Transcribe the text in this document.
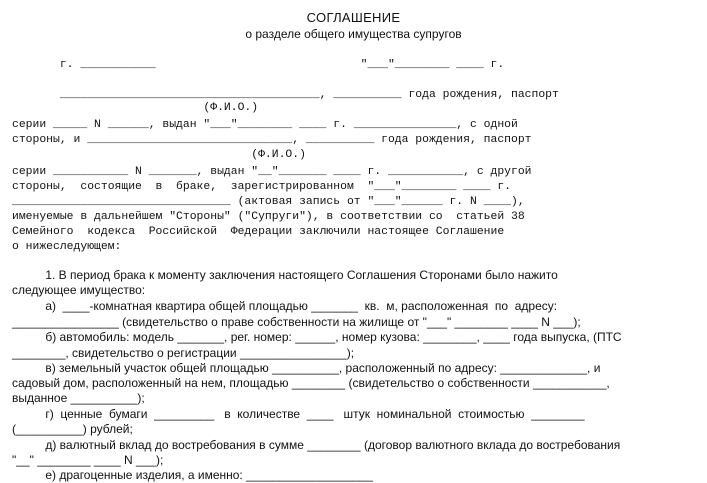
СОГЛАШЕНИЕ
о разделе общего имущества супругов
г. ___________                              "___"________ ____ г.
______________________________________, __________ года рождения, паспорт
(Ф.И.О.)
серии _____ N ______, выдан "___"________ ____ г. _______________, с одной
стороны, и ______________________________, __________ года рождения, паспорт
(Ф.И.О.)
серии ___________ N _______, выдан "__"_______ ____ г. ___________, с другой
стороны,  состоящие  в  браке,  зарегистрированном  "___"________ ____ г.
________________________________ (актовая запись от "___"______ г. N ____),
именуемые в дальнейшем "Стороны" ("Супруги"), в соответствии со  статьей 38
Семейного  кодекса  Российской  Федерации заключили настоящее Соглашение
о нижеследующем:
1. В период брака к моменту заключения настоящего Соглашения Сторонами было нажито
следующее имущество:
а)  ____-комнатная квартира общей площадью _______  кв.  м, расположенная  по  адресу:
________________ (свидетельство о праве собственности на жилище от "___" ________ ____ N ___);
б) автомобиль: модель _______, рег. номер: ______, номер кузова: ________, ____ года выпуска, (ПТС
________, свидетельство о регистрации ________________);
в) земельный участок общей площадью __________, расположенный по адресу: _____________, и
садовый дом, расположенный на нем, площадью ________ (свидетельство о собственности ___________,
выданное __________);
г)  ценные  бумаги  _________   в  количестве  ____   штук  номинальной  стоимостью  ________
(__________) рублей;
д) валютный вклад до востребования в сумме ________ (договор валютного вклада до востребования
"__" ________ ____ N ___);
е) драгоценные изделия, а именно: ___________________
